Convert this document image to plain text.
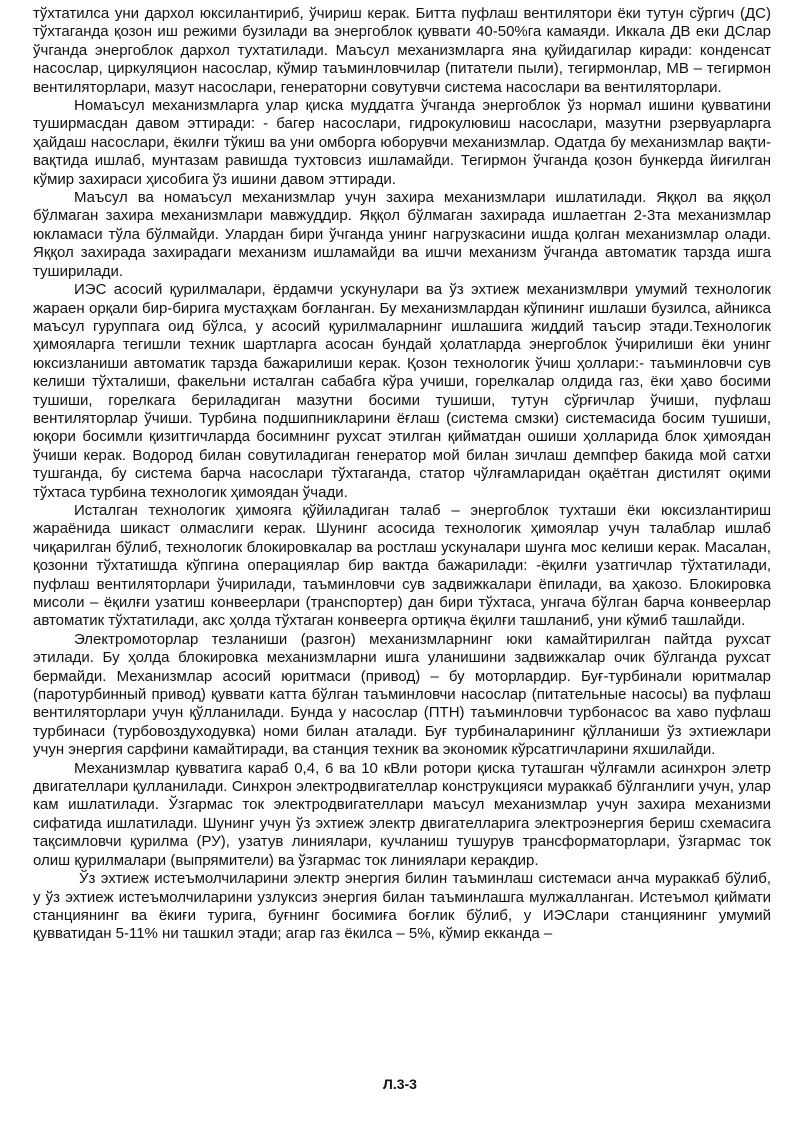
тўхтатилса уни дархол юксилантириб, ўчириш керак. Битта пуфлаш вентилятори ёки тутун сўргич (ДС) тўхтаганда қозон иш режими бузилади ва энергоблок қуввати 40-50%га камаяди. Иккала ДВ еки ДСлар ўчганда энергоблок дархол тухтатилади. Маъсул механизмларга яна қуйидагилар киради: конденсат насослар, циркуляцион насослар, кўмир таъминловчилар (питатели пыли), тегирмонлар, МВ – тегирмон вентиляторлари, мазут насослари, генераторни совутувчи система насослари ва вентиляторлари.

Номаъсул механизмларга улар қиска муддатга ўчганда энергоблок ўз нормал ишини қувватини туширмасдан давом эттиради: - багер насослари, гидрокулювиш насослари, мазутни рзервуарларга ҳайдаш насослари, ёкилғи тўкиш ва уни омборга юборувчи механизмлар. Одатда бу механизмлар вақти-вақтида ишлаб, мунтазам равишда тухтовсиз ишламайди. Тегирмон ўчганда қозон бункерда йиғилган кўмир захираси ҳисобига ўз ишини давом эттиради.

Маъсул ва номаъсул механизмлар учун захира механизмлари ишлатилади. Яққол ва яққол бўлмаган захира механизмлари мавжуддир. Яққол бўлмаган захирада ишлаетган 2-3та механизмлар юкламаси тўла бўлмайди. Улардан бири ўчганда унинг нагрузкасини ишда қолган механизмлар олади. Яққол захирада захирадаги механизм ишламайди ва ишчи механизм ўчганда автоматик тарзда ишга туширилади.

ИЭС асосий қурилмалари, ёрдамчи ускунулари ва ўз эхтиеж механизмлври умумий технологик жараен орқали бир-бирига мустаҳкам боғланган. Бу механизмлардан кўпининг ишлаши бузилса, айникса маъсул гуруппага оид бўлса, у асосий қурилмаларнинг ишлашига жиддий таъсир этади.Технологик ҳимояларга тегишли техник шартларга асосан бундай ҳолатларда энергоблок ўчирилиши ёки унинг юксизланиши автоматик тарзда бажарилиши керак. Қозон технологик ўчиш ҳоллари:- таъминловчи сув келиши тўхталиши, факельни исталган сабабга кўра учиши, горелкалар олдида газ, ёки ҳаво босими тушиши, горелкага бериладиган мазутни босими тушиши, тутун сўрғичлар ўчиши, пуфлаш вентиляторлар ўчиши. Турбина подшипникларини ёғлаш (система смзки) системасида босим тушиши, юқори босимли қизитгичларда босимнинг рухсат этилган қийматдан ошиши ҳолларида блок ҳимоядан ўчиши керак. Водород билан совутиладиган генератор мой билан зичлаш демпфер бакида мой сатхи тушганда, бу система барча насослари тўхтаганда, статор чўлғамларидан оқаётган дистилят оқими тўхтаса турбина технологик ҳимоядан ўчади.

Исталган технологик ҳимояга қўйиладиган талаб – энергоблок тухташи ёки юксизлантириш жараёнида шикаст олмаслиги керак. Шунинг асосида технологик ҳимоялар учун талаблар ишлаб чиқарилган бўлиб, технологик блокировкалар ва ростлаш ускуналари шунга мос келиши керак. Масалан, қозонни тўхтатишда кўпгина операциялар бир вактда бажарилади: -ёқилғи узатгичлар тўхтатилади, пуфлаш вентиляторлари ўчирилади, таъминловчи сув задвижкалари ёпилади, ва ҳакозо. Блокировка мисоли – ёқилғи узатиш конвеерлари (транспортер) дан бири тўхтаса, унгача бўлган барча конвеерлар автоматик тўхтатилади, акс ҳолда тўхтаган конвеерга ортиқча ёқилғи ташланиб, уни кўмиб ташлайди.

Электромоторлар тезланиши (разгон) механизмларнинг юки камайтирилган пайтда рухсат этилади. Бу ҳолда блокировка механизмларни ишга уланишини задвижкалар очик бўлганда рухсат бермайди. Механизмлар асосий юритмаси (привод) – бу моторлардир. Буғ-турбинали юритмалар (паротурбинный привод) қуввати катта бўлган таъминловчи насослар (питательные насосы) ва пуфлаш вентиляторлари учун қўлланилади. Бунда у насослар (ПТН) таъминловчи турбонасос ва хаво пуфлаш турбинаси (турбовоздуходувка) номи билан аталади. Буғ турбиналарининг қўлланиши ўз эхтиежлари учун энергия сарфини камайтиради, ва станция техник ва экономик кўрсатгичларини яхшилайди.

Механизмлар қувватига караб 0,4, 6 ва 10 кВли ротори қиска туташган чўлғамли асинхрон элетр двигателлари қулланилади. Синхрон электродвигателлар конструкцияси мураккаб бўлганлиги учун, улар кам ишлатилади. Ўзгармас ток электродвигателлари маъсул механизмлар учун захира механизми сифатида ишлатилади. Шунинг учун ўз эхтиеж электр двигателларига электроэнергия бериш схемасига тақсимловчи қурилма (РУ), узатув линиялари, кучланиш тушурув трансформаторлари, ўзгармас ток олиш қурилмалари (выпрямители) ва ўзгармас ток линиялари керакдир.

Ўз эхтиеж истеъмолчиларини электр энергия билин таъминлаш системаси анча мураккаб бўлиб, у ўз эхтиеж истеъмолчиларини узлуксиз энергия билан таъминлашга мулжалланган. Истеъмол қиймати станциянинг ва ёкиғи турига, буғнинг босимиға боғлик бўлиб, у ИЭСлари станциянинг умумий қувватидан 5-11% ни ташкил этади; агар газ ёкилса – 5%, кўмир екканда –

Л.3-3
